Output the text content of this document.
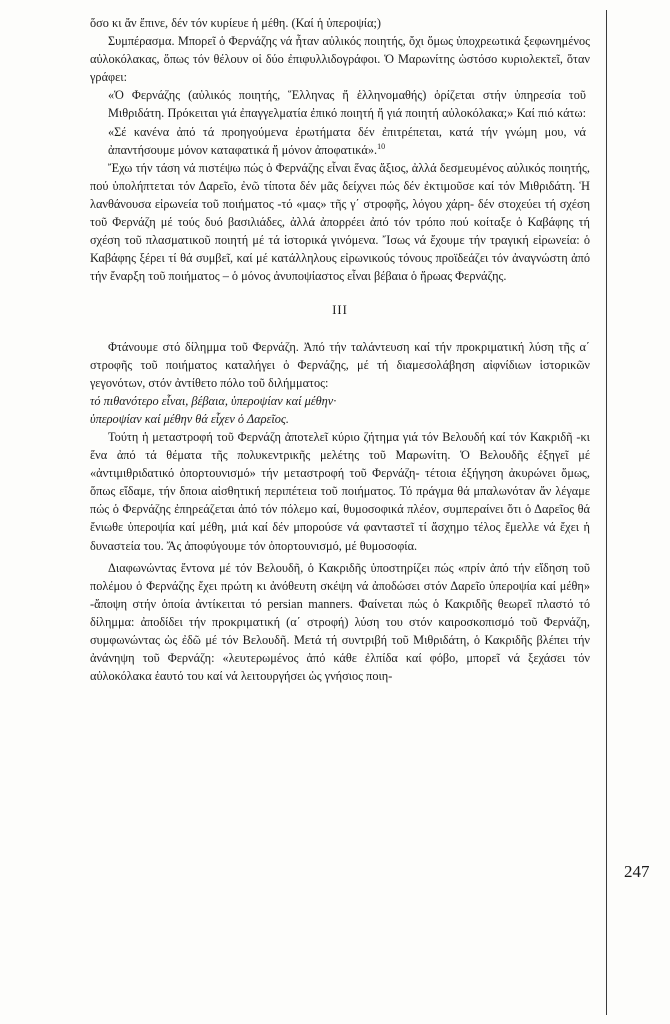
ὅσο κι ἄν ἔπινε, δέν τόν κυρίευε ἡ μέθη. (Καί ἡ ὑπερoψία;)

Συμπέρασμα. Μπορεῖ ὁ Φερνάζης νά ἦταν αὐλικός ποιητής, ὄχι ὅμως ὑποχρεωτικά ξεφωνημένος αὐλοκόλακας, ὅπως τόν θέλουν οἱ δύο ἐπιφυλλιδογράφοι. Ὁ Μαρωνίτης ὡστόσο κυριολεκτεῖ, ὅταν γράφει:

«Ὁ Φερνάζης (αὐλικός ποιητής, Ἕλληνας ἤ ἑλληνομαθής) ὁρίζεται στήν ὑπηρεσία τοῦ Μιθριδάτη. Πρόκειται γιά ἐπαγγελματία ἐπικό ποιητή ἤ γιά ποιητή αὐλοκόλακα;» Καί πιό κάτω: «Σέ κανένα ἀπό τά προηγούμενα ἐρωτήματα δέν ἐπιτρέπεται, κατά τήν γνώμη μου, νά ἀπαντήσουμε μόνον καταφατικά ἤ μόνον ἀποφατικά».$^{10}$

Ἔχω τήν τάση νά πιστέψω πώς ὁ Φερνάζης εἶναι ἕνας ἄξιος, ἀλλά δεσμευμένος αὐλικός ποιητής, πού ὑπολήπτεται τόν Δαρεῖο, ἐνῶ τίποτα δέν μᾶς δείχνει πώς δέν ἐκτιμοῦσε καί τόν Μιθριδάτη. Ἡ λανθάνουσα εἰρωνεία τοῦ ποιήματος -τό «μας» τῆς γ΄ στροφῆς, λόγου χάρη- δέν στοχεύει τή σχέση τοῦ Φερνάζη μέ τούς δυό βασιλιάδες, ἀλλά ἀπορρέει ἀπό τόν τρόπο πού κοίταξε ὁ Καβάφης τή σχέση τοῦ πλασματικοῦ ποιητή μέ τά ἱστορικά γινόμενα. Ἴσως νά ἔχουμε τήν τραγική εἰρωνεία: ὁ Καβάφης ξέρει τί θά συμβεῖ, καί μέ κατάλληλους εἰρωνικούς τόνους προϊδεάζει τόν ἀναγνώστη ἀπό τήν ἔναρξη τοῦ ποιήματος – ὁ μόνος ἀνυποψίαστος εἶναι βέβαια ὁ ἥρωας Φερνάζης.

III

Φτάνουμε στό δίλημμα τοῦ Φερνάζη. Ἀπό τήν ταλάντευση καί τήν προκριματική λύση τῆς α΄ στροφῆς τοῦ ποιήματος καταλήγει ὁ Φερνάζης, μέ τή διαμεσολάβηση αἰφνίδιων ἱστορικῶν γεγονότων, στόν ἀντίθετο πόλο τοῦ διλήμματος:

τό πιθανότερο εἶναι, βέβαια, ὑπεροψίαν καί μέθην·

ὑπεροψίαν καί μέθην θά εἶχεν ὁ Δαρεῖος.

Τούτη ἡ μεταστροφή τοῦ Φερνάζη ἀποτελεῖ κύριο ζήτημα γιά τόν Βελουδή καί τόν Κακριδῆ -κι ἕνα ἀπό τά θέματα τῆς πολυκεντρικῆς μελέτης τοῦ Μαρωνίτη. Ὁ Βελουδῆς ἐξηγεῖ μέ «ἀντιμιθριδατικό ὀπορτουνισμό» τήν μεταστροφή τοῦ Φερνάζη- τέτοια ἐξήγηση ἀκυρώνει ὅμως, ὅπως εἴδαμε, τήν δποια αἰσθητική περιπέτεια τοῦ ποιήματος. Τό πράγμα θά μπαλωνόταν ἄν λέγαμε πώς ὁ Φερνάζης ἐπηρεάζεται ἀπό τόν πόλεμο καί, θυμοσοφικά πλέον, συμπεραίνει ὅτι ὁ Δαρεῖος θά ἔνιωθε ὑπεροψία καί μέθη, μιά καί δέν μπορούσε νά φανταστεῖ τί ἄσχημο τέλος ἔμελλε νά ἔχει ἡ δυναστεία του. Ἄς ἀποφύγουμε τόν ὀπορτουνισμό, μέ θυμοσοφία.

Διαφωνώντας ἔντονα μέ τόν Βελουδῆ, ὁ Κακριδῆς ὑποστηρίζει πώς «πρίν ἀπό τήν εἴδηση τοῦ πολέμου ὁ Φερνάζης ἔχει πρώτη κι ἀνόθευτη σκέψη νά ἀποδώσει στόν Δαρεῖο ὑπεροψία καί μέθη» -ἄποψη στήν ὁποία ἀντίκειται τό persian manners. Φαίνεται πώς ὁ Κακριδῆς θεωρεῖ πλαστό τό δίλημμα: ἀποδίδει τήν προκριματική (α΄ στροφή) λύση του στόν καιροσκοπισμό τοῦ Φερνάζη, συμφωνώντας ὡς ἐδῶ μέ τόν Βελουδῆ. Μετά τή συντριβή τοῦ Μιθριδάτη, ὁ Κακριδῆς βλέπει τήν ἀνάνηψη τοῦ Φερνάζη: «λευτερωμένος ἀπό κάθε ἐλπίδα καί φόβο, μπορεῖ νά ξεχάσει τόν αὐλοκόλακα ἑαυτό του καί νά λειτουργήσει ὡς γνήσιος ποιη-

247
